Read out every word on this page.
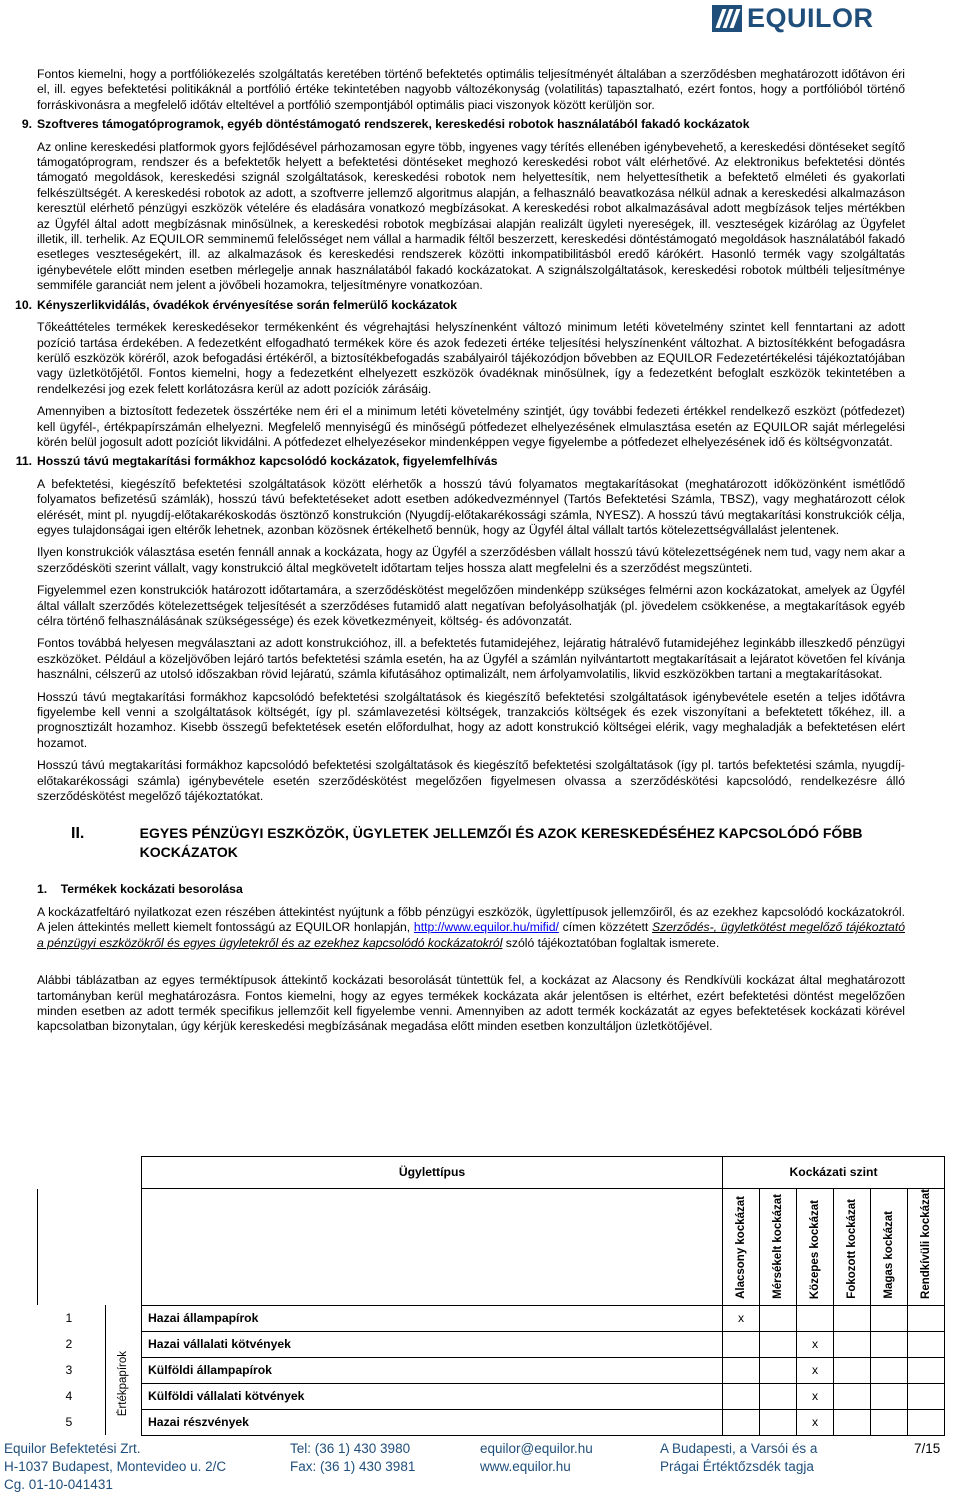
EQUILOR
Fontos kiemelni, hogy a portfóliókezelés szolgáltatás keretében történő befektetés optimális teljesítményét általában a szerződésben meghatározott időtávon éri el, ill. egyes befektetési politikáknál a portfólió értéke tekintetében nagyobb változékonyság (volatilitás) tapasztalható, ezért fontos, hogy a portfólióból történő forráskivonásra a megfelelő időtáv elteltével a portfólió szempontjából optimális piaci viszonyok között kerüljön sor.
9. Szoftveres támogatóprogramok, egyéb döntéstámogató rendszerek, kereskedési robotok használatából fakadó kockázatok
Az online kereskedési platformok gyors fejlődésével párhozamosan egyre több, ingyenes vagy térítés ellenében igénybevehető, a kereskedési döntéseket segítő támogatóprogram, rendszer és a befektetők helyett a befektetési döntéseket meghozó kereskedési robot vált elérhetővé. Az elektronikus befektetési döntés támogató megoldások, kereskedési szignál szolgáltatások, kereskedési robotok nem helyettesítik, nem helyettesíthetik a befektető elméleti és gyakorlati felkészültségét. A kereskedési robotok az adott, a szoftverre jellemző algoritmus alapján, a felhasználó beavatkozása nélkül adnak a kereskedési alkalmazáson keresztül elérhető pénzügyi eszközök vételére és eladására vonatkozó megbízásokat. A kereskedési robot alkalmazásával adott megbízások teljes mértékben az Ügyfél által adott megbízásnak minősülnek, a kereskedési robotok megbízásai alapján realizált ügyleti nyereségek, ill. veszteségek kizárólag az Ügyfelet illetik, ill. terhelik. Az EQUILOR semminemű felelősséget nem vállal a harmadik féltől beszerzett, kereskedési döntéstámogató megoldások használatából fakadó esetleges veszteségekért, ill. az alkalmazások és kereskedési rendszerek közötti inkompatibilitásból eredő kárókért. Hasonló termék vagy szolgáltatás igénybevétele előtt minden esetben mérlegelje annak használatából fakadó kockázatokat. A szignálszolgáltatások, kereskedési robotok múltbéli teljesítménye semmiféle garanciát nem jelent a jövőbeli hozamokra, teljesítményre vonatkozóan.
10. Kényszerlikvidálás, óvadékok érvényesítése során felmerülő kockázatok
Tőkeáttételes termékek kereskedésekor termékenként és végrehajtási helyszínenként változó minimum letéti követelmény szintet kell fenntartani az adott pozíció tartása érdekében. A fedezetként elfogadható termékek köre és azok fedezeti értéke teljesítési helyszínenként változhat. A biztosítékként befogadásra kerülő eszközök köréről, azok befogadási értékéről, a biztosítékbefogadás szabályairól tájékozódjon bővebben az EQUILOR Fedezetértékelési tájékoztatójában vagy üzletkötőjétől. Fontos kiemelni, hogy a fedezetként elhelyezett eszközök óvadéknak minősülnek, így a fedezetként befoglalt eszközök tekintetében a rendelkezési jog ezek felett korlátozásra kerül az adott pozíciók zárásáig.
Amennyiben a biztosított fedezetek összértéke nem éri el a minimum letéti követelmény szintjét, úgy további fedezeti értékkel rendelkező eszközt (pótfedezet) kell ügyfél-, értékpapírszámán elhelyezni. Megfelelő mennyiségű és minőségű pótfedezet elhelyezésének elmulasztása esetén az EQUILOR saját mérlegelési körén belül jogosult adott pozíciót likvidálni. A pótfedezet elhelyezésekor mindenképpen vegye figyelembe a pótfedezet elhelyezésének idő és költségvonzatát.
11. Hosszú távú megtakarítási formákhoz kapcsolódó kockázatok, figyelemfelhívás
A befektetési, kiegészítő befektetési szolgáltatások között elérhetők a hosszú távú folyamatos megtakarításokat (meghatározott időközönként ismétlődő folyamatos befizetésű számlák), hosszú távú befektetéseket adott esetben adókedvezménnyel (Tartós Befektetési Számla, TBSZ), vagy meghatározott célok elérését, mint pl. nyugdíj-előtakarékoskodás ösztönző konstrukción (Nyugdíj-előtakarékossági számla, NYESZ). A hosszú távú megtakarítási konstrukciók célja, egyes tulajdonságai igen eltérők lehetnek, azonban közösnek értékelhető bennük, hogy az Ügyfél által vállalt tartós kötelezettségvállalást jelentenek.
Ilyen konstrukciók választása esetén fennáll annak a kockázata, hogy az Ügyfél a szerződésben vállalt hosszú távú kötelezettségének nem tud, vagy nem akar a szerződésköti szerint vállalt, vagy konstrukció által megkövetelt időtartam teljes hossza alatt megfelelni és a szerződést megszünteti.
Figyelemmel ezen konstrukciók határozott időtartamára, a szerződéskötést megelőzően mindenképp szükséges felmérni azon kockázatokat, amelyek az Ügyfél által vállalt szerződés kötelezettségek teljesítését a szerződéses futamidő alatt negatívan befolyásolhatják (pl. jövedelem csökkenése, a megtakarítások egyéb célra történő felhasználásának szükségessége) és ezek következményeit, költség- és adóvonzatát.
Fontos továbbá helyesen megválasztani az adott konstrukcióhoz, ill. a befektetés futamidejéhez, lejáratig hátralévő futamidejéhez leginkább illeszkedő pénzügyi eszközöket. Például a közeljövőben lejáró tartós befektetési számla esetén, ha az Ügyfél a számlán nyilvántartott megtakarításait a lejáratot követően fel kívánja használni, célszerű az utolsó időszakban rövid lejáratú, számla kifutásához optimalizált, nem árfolyamvolatilis, likvid eszközökben tartani a megtakarításokat.
Hosszú távú megtakarítási formákhoz kapcsolódó befektetési szolgáltatások és kiegészítő befektetési szolgáltatások igénybevétele esetén a teljes időtávra figyelembe kell venni a szolgáltatások költségét, így pl. számlavezetési költségek, tranzakciós költségek és ezek viszonyítani a befektetett tőkéhez, ill. a prognosztizált hozamhoz. Kisebb összegű befektetések esetén előfordulhat, hogy az adott konstrukció költségei elérik, vagy meghaladják a befektetésen elért hozamot.
Hosszú távú megtakarítási formákhoz kapcsolódó befektetési szolgáltatások és kiegészítő befektetési szolgáltatások (így pl. tartós befektetési számla, nyugdíj-előtakarékossági számla) igénybevétele esetén szerződéskötést megelőzően figyelmesen olvassa a szerződéskötési kapcsolódó, rendelkezésre álló szerződéskötést megelőző tájékoztatókat.
II.	EGYES PÉNZÜGYI ESZKÖZÖK, ÜGYLETEK JELLEMZŐI ÉS AZOK KERESKEDÉSÉHEZ KAPCSOLÓDÓ FŐBB KOCKÁZATOK
1.    Termékek kockázati besorolása
A kockázatfeltáró nyilatkozat ezen részében áttekintést nyújtunk a főbb pénzügyi eszközök, ügylettípusok jellemzőiről, és az ezekhez kapcsolódó kockázatokról. A jelen áttekintés mellett kiemelt fontosságú az EQUILOR honlapján, http://www.equilor.hu/mifid/ címen közzétett Szerződés-, ügyletkötést megelőző tájékoztató a pénzügyi eszközökről és egyes ügyletekről és az ezekhez kapcsolódó kockázatokról szóló tájékoztatóban foglaltak ismerete.
Alábbi táblázatban az egyes terméktípusok áttekintő kockázati besorolását tüntettük fel, a kockázat az Alacsony és Rendkívüli kockázat által meghatározott tartományban kerül meghatározásra. Fontos kiemelni, hogy az egyes termékek kockázata akár jelentősen is eltérhet, ezért befektetési döntést megelőzően minden esetben az adott termék specifikus jellemzőit kell figyelembe venni. Amennyiben az adott termék kockázatát az egyes befektetések kockázati körével kapcsolatban bizonytalan, úgy kérjük kereskedési megbízásának megadása előtt minden esetben konzultáljon üzletkötőjével.
		Ügylettípus	Kockázati szint					

			Alacsony kockázat	Mérsékelt kockázat	Közepes kockázat	Fokozott kockázat	Magas kockázat	Rendkívüli kockázat

1		Hazai állampapírok	x					
2	Értékpapírok	Hazai vállalati kötvények			x			
3		Külföldi állampapírok			x			
4		Külföldi vállalati kötvények			x			
5		Hazai részvények			x			
Equilor Befektetési Zrt.
H-1037 Budapest, Montevideo u. 2/C
Cg. 01-10-041431
Tel: (36 1) 430 3980
Fax: (36 1) 430 3981
equilor@equilor.hu
www.equilor.hu
A Budapesti, a Varsói és a
Prágai Értéktőzsdék tagja
7/15
